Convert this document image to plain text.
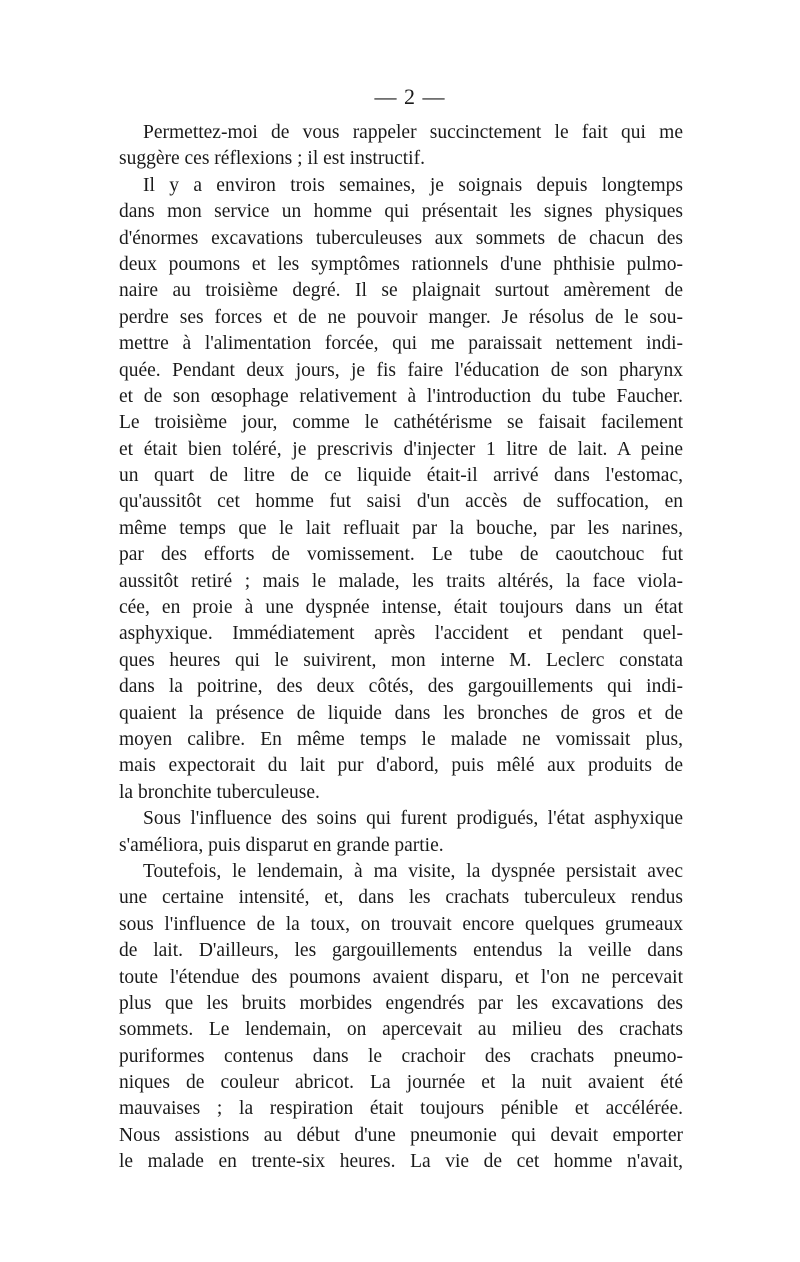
— 2 —
Permettez-moi de vous rappeler succinctement le fait qui me
suggère ces réflexions ; il est instructif.
Il y a environ trois semaines, je soignais depuis longtemps
dans mon service un homme qui présentait les signes physiques
d'énormes excavations tuberculeuses aux sommets de chacun des
deux poumons et les symptômes rationnels d'une phthisie pulmo-
naire au troisième degré. Il se plaignait surtout amèrement de
perdre ses forces et de ne pouvoir manger. Je résolus de le sou-
mettre à l'alimentation forcée, qui me paraissait nettement indi-
quée. Pendant deux jours, je fis faire l'éducation de son pharynx
et de son œsophage relativement à l'introduction du tube Faucher.
Le troisième jour, comme le cathétérisme se faisait facilement
et était bien toléré, je prescrivis d'injecter 1 litre de lait. A peine
un quart de litre de ce liquide était-il arrivé dans l'estomac,
qu'aussitôt cet homme fut saisi d'un accès de suffocation, en
même temps que le lait refluait par la bouche, par les narines,
par des efforts de vomissement. Le tube de caoutchouc fut
aussitôt retiré ; mais le malade, les traits altérés, la face viola-
cée, en proie à une dyspnée intense, était toujours dans un état
asphyxique. Immédiatement après l'accident et pendant quel-
ques heures qui le suivirent, mon interne M. Leclerc constata
dans la poitrine, des deux côtés, des gargouillements qui indi-
quaient la présence de liquide dans les bronches de gros et de
moyen calibre. En même temps le malade ne vomissait plus,
mais expectorait du lait pur d'abord, puis mêlé aux produits de
la bronchite tuberculeuse.
Sous l'influence des soins qui furent prodigués, l'état asphyxique
s'améliora, puis disparut en grande partie.
Toutefois, le lendemain, à ma visite, la dyspnée persistait avec
une certaine intensité, et, dans les crachats tuberculeux rendus
sous l'influence de la toux, on trouvait encore quelques grumeaux
de lait. D'ailleurs, les gargouillements entendus la veille dans
toute l'étendue des poumons avaient disparu, et l'on ne percevait
plus que les bruits morbides engendrés par les excavations des
sommets. Le lendemain, on apercevait au milieu des crachats
puriformes contenus dans le crachoir des crachats pneumo-
niques de couleur abricot. La journée et la nuit avaient été
mauvaises ; la respiration était toujours pénible et accélérée.
Nous assistions au début d'une pneumonie qui devait emporter
le malade en trente-six heures. La vie de cet homme n'avait,
